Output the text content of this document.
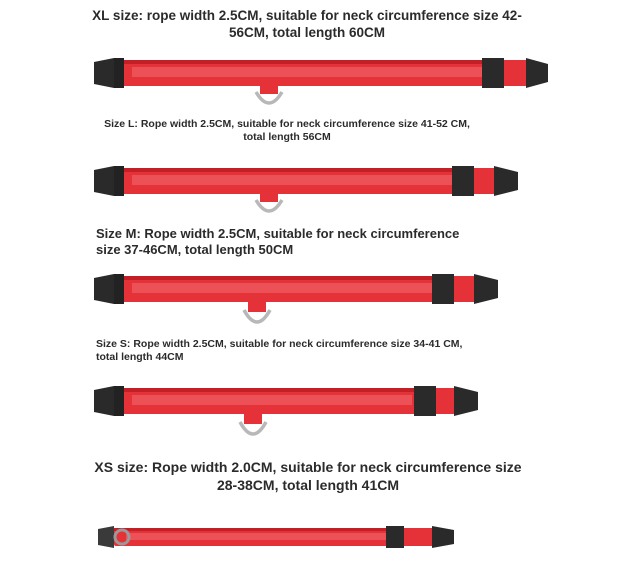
XL size: rope width 2.5CM, suitable for neck circumference size 42-56CM, total length 60CM
Size L: Rope width 2.5CM, suitable for neck circumference size 41-52 CM, total length 56CM
Size M: Rope width 2.5CM, suitable for neck circumference size 37-46CM, total length 50CM
Size S: Rope width 2.5CM, suitable for neck circumference size 34-41 CM, total length 44CM
XS size: Rope width 2.0CM, suitable for neck circumference size 28-38CM, total length 41CM
